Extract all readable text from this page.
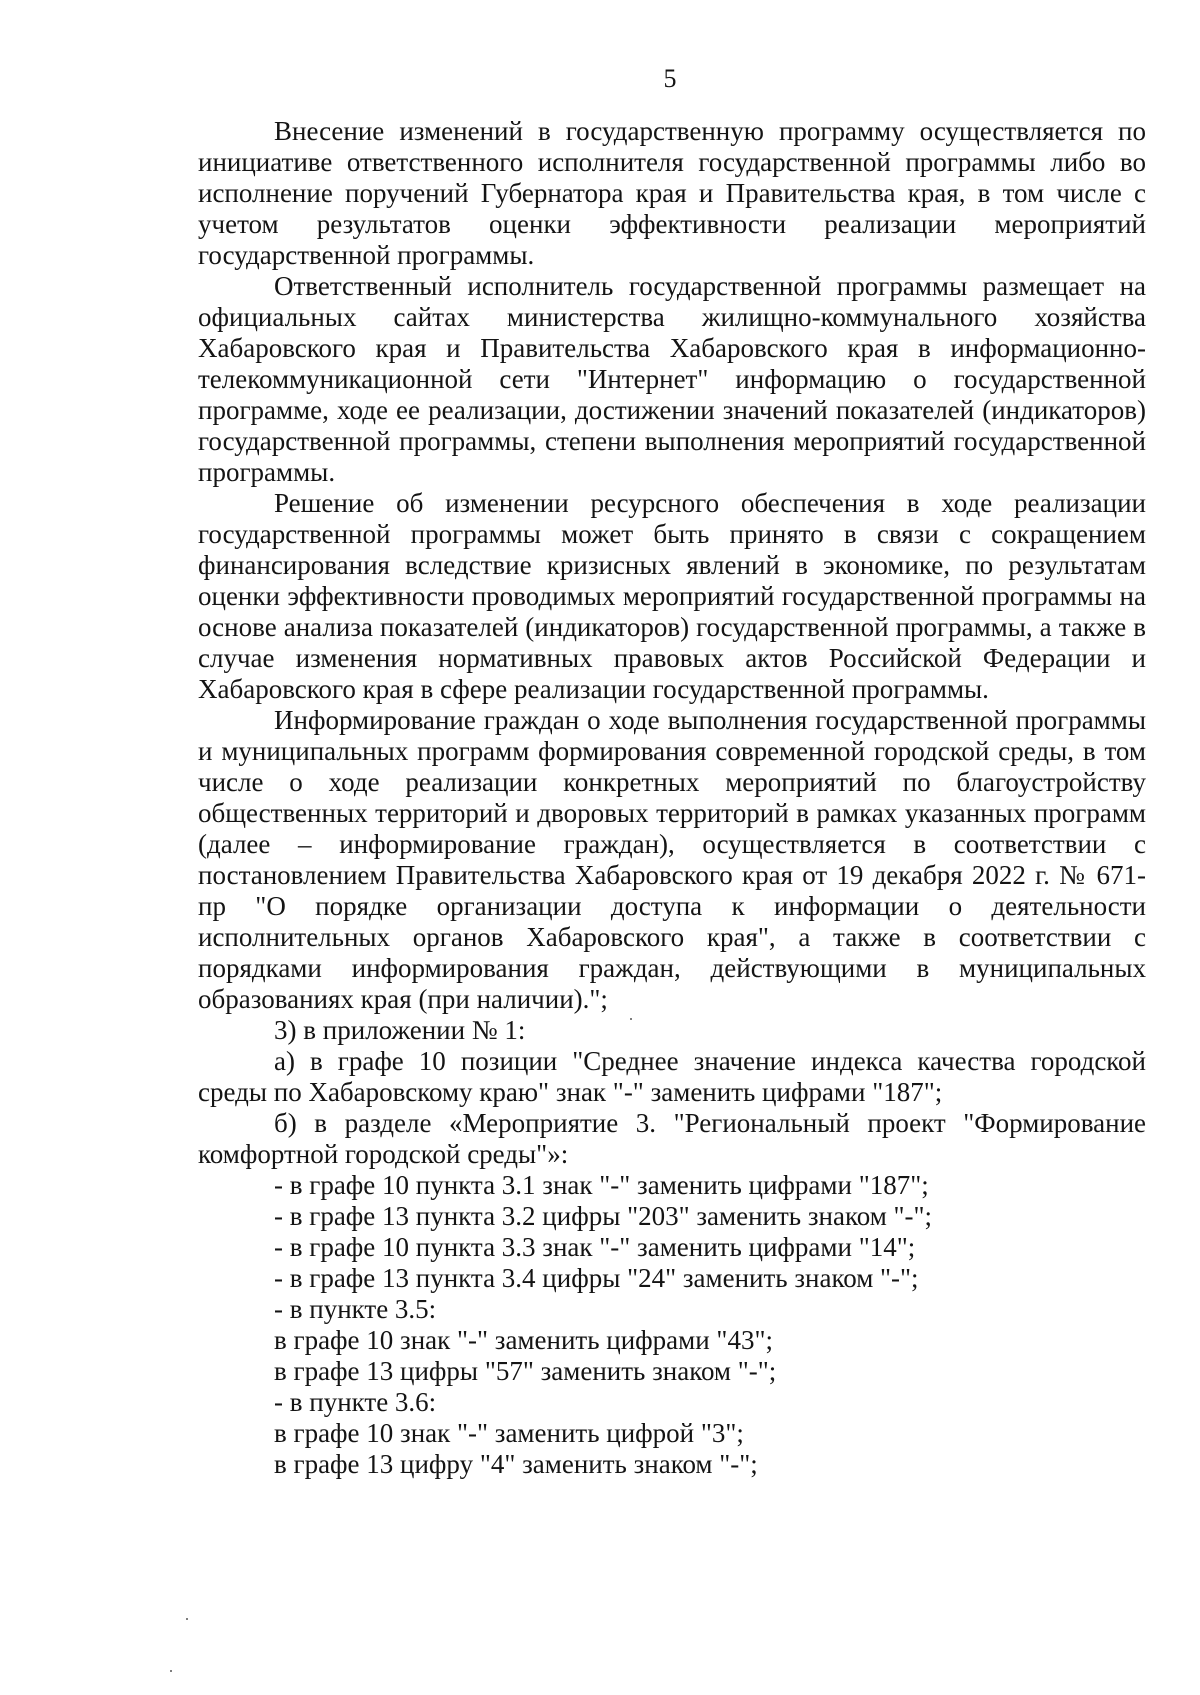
5

Внесение изменений в государственную программу осуществляется по инициативе ответственного исполнителя государственной программы либо во исполнение поручений Губернатора края и Правительства края, в том числе с учетом результатов оценки эффективности реализации мероприятий государственной программы.

Ответственный исполнитель государственной программы размещает на официальных сайтах министерства жилищно-коммунального хозяйства Хабаровского края и Правительства Хабаровского края в информационно-телекоммуникационной сети "Интернет" информацию о государственной программе, ходе ее реализации, достижении значений показателей (индикаторов) государственной программы, степени выполнения мероприятий государственной программы.

Решение об изменении ресурсного обеспечения в ходе реализации государственной программы может быть принято в связи с сокращением финансирования вследствие кризисных явлений в экономике, по результатам оценки эффективности проводимых мероприятий государственной программы на основе анализа показателей (индикаторов) государственной программы, а также в случае изменения нормативных правовых актов Российской Федерации и Хабаровского края в сфере реализации государственной программы.

Информирование граждан о ходе выполнения государственной программы и муниципальных программ формирования современной городской среды, в том числе о ходе реализации конкретных мероприятий по благоустройству общественных территорий и дворовых территорий в рамках указанных программ (далее – информирование граждан), осуществляется в соответствии с постановлением Правительства Хабаровского края от 19 декабря 2022 г. № 671-пр "О порядке организации доступа к информации о деятельности исполнительных органов Хабаровского края", а также в соответствии с порядками информирования граждан, действующими в муниципальных образованиях края (при наличии).";

3) в приложении № 1:

а) в графе 10 позиции "Среднее значение индекса качества городской среды по Хабаровскому краю" знак "-" заменить цифрами "187";

б) в разделе «Мероприятие 3. "Региональный проект "Формирование комфортной городской среды"»:

- в графе 10 пункта 3.1 знак "-" заменить цифрами "187";

- в графе 13 пункта 3.2 цифры "203" заменить знаком "-";

- в графе 10 пункта 3.3 знак "-" заменить цифрами "14";

- в графе 13 пункта 3.4 цифры "24" заменить знаком "-";

- в пункте 3.5:

в графе 10 знак "-" заменить цифрами "43";

в графе 13 цифры "57" заменить знаком "-";

- в пункте 3.6:

в графе 10 знак "-" заменить цифрой "3";

в графе 13 цифру "4" заменить знаком "-";
